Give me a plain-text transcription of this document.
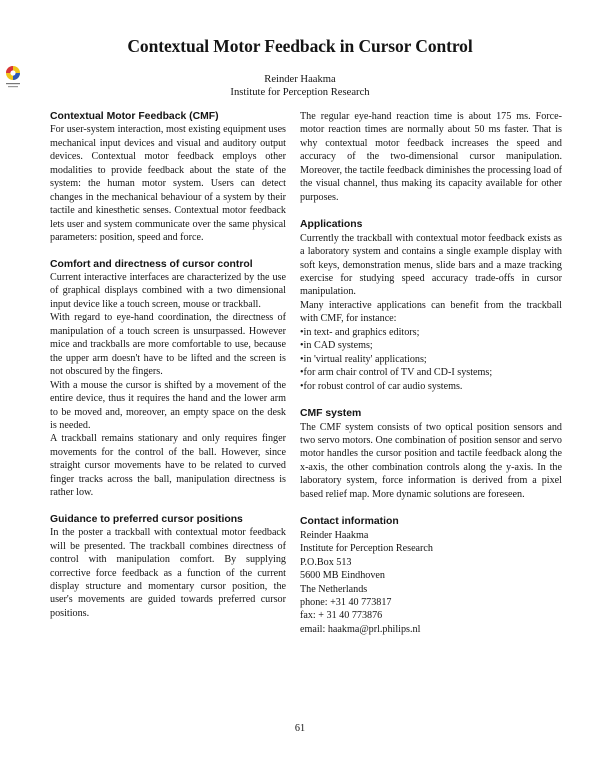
Contextual Motor Feedback in Cursor Control
Reinder Haakma
Institute for Perception Research
Contextual Motor Feedback (CMF)

For user-system interaction, most existing equipment uses mechanical input devices and visual and auditory output devices. Contextual motor feedback employs other modalities to provide feedback about the state of the system: the human motor system. Users can detect changes in the mechanical behaviour of a system by their tactile and kinesthetic senses. Contextual motor feedback lets user and system communicate over the same physical parameters: position, speed and force.

Comfort and directness of cursor control

Current interactive interfaces are characterized by the use of graphical displays combined with a two dimensional input device like a touch screen, mouse or trackball.

With regard to eye-hand coordination, the directness of manipulation of a touch screen is unsurpassed. However mice and trackballs are more comfortable to use, because the upper arm doesn't have to be lifted and the screen is not obscured by the fingers.

With a mouse the cursor is shifted by a movement of the entire device, thus it requires the hand and the lower arm to be moved and, moreover, an empty space on the desk is needed.

A trackball remains stationary and only requires finger movements for the control of the ball. However, since straight cursor movements have to be related to curved finger tracks across the ball, manipulation directness is rather low.

Guidance to preferred cursor positions

In the poster a trackball with contextual motor feedback will be presented. The trackball combines directness of control with manipulation comfort. By supplying corrective force feedback as a function of the current display structure and momentary cursor position, the user's movements are guided towards preferred cursor positions.

The regular eye-hand reaction time is about 175 ms. Force-motor reaction times are normally about 50 ms faster. That is why contextual motor feedback increases the speed and accuracy of the two-dimensional cursor manipulation. Moreover, the tactile feedback diminishes the processing load of the visual channel, thus making its capacity available for other purposes.

Applications

Currently the trackball with contextual motor feedback exists as a laboratory system and contains a single example display with soft keys, demonstration menus, slide bars and a maze tracking exercise for studying speed accuracy trade-offs in cursor manipulation.

Many interactive applications can benefit from the trackball with CMF, for instance:

• in text- and graphics editors;
• in CAD systems;
• in 'virtual reality' applications;
• for arm chair control of TV and CD-I systems;
• for robust control of car audio systems.
CMF system

The CMF system consists of two optical position sensors and two servo motors. One combination of position sensor and servo motor handles the cursor position and tactile feedback along the x-axis, the other combination controls along the y-axis. In the laboratory system, force information is derived from a pixel based relief map. More dynamic solutions are foreseen.

Contact information
Reinder Haakma
Institute for Perception Research
P.O.Box 513
5600 MB Eindhoven
The Netherlands
phone: +31 40 773817
fax: + 31 40 773876
email: haakma@prl.philips.nl
61
